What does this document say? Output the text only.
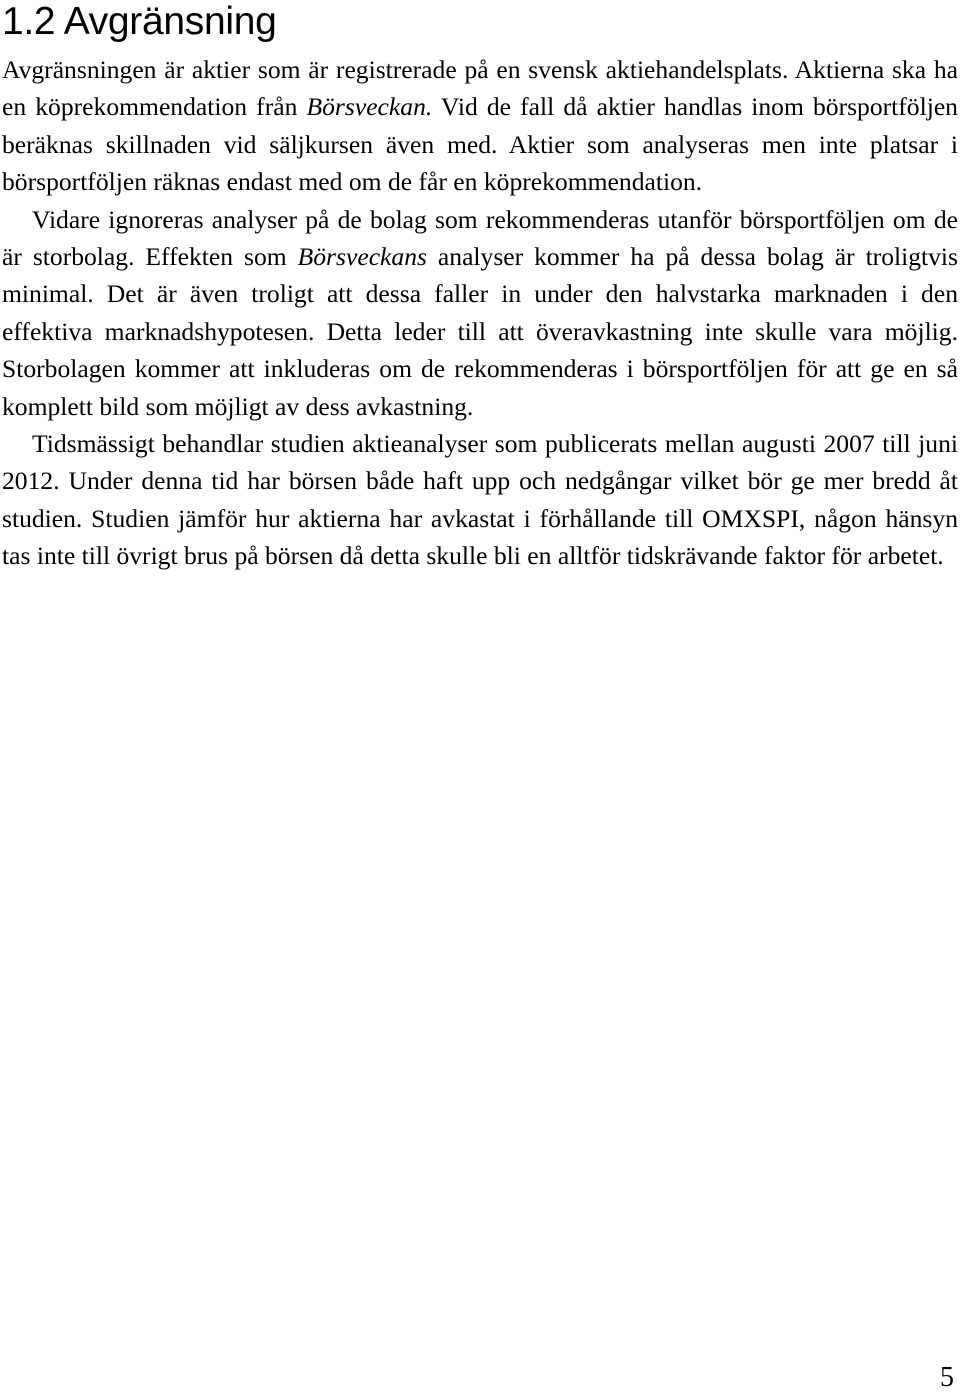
1.2 Avgränsning

Avgränsningen är aktier som är registrerade på en svensk aktiehandelsplats. Aktierna ska ha en köprekommendation från Börsveckan. Vid de fall då aktier handlas inom börsportföljen beräknas skillnaden vid säljkursen även med. Aktier som analyseras men inte platsar i börsportföljen räknas endast med om de får en köprekommendation.

Vidare ignoreras analyser på de bolag som rekommenderas utanför börsportföljen om de är storbolag. Effekten som Börsveckans analyser kommer ha på dessa bolag är troligtvis minimal. Det är även troligt att dessa faller in under den halvstarka marknaden i den effektiva marknadshypotesen. Detta leder till att överavkastning inte skulle vara möjlig. Storbolagen kommer att inkluderas om de rekommenderas i börsportföljen för att ge en så komplett bild som möjligt av dess avkastning.

Tidsmässigt behandlar studien aktieanalyser som publicerats mellan augusti 2007 till juni 2012. Under denna tid har börsen både haft upp och nedgångar vilket bör ge mer bredd åt studien. Studien jämför hur aktierna har avkastat i förhållande till OMXSPI, någon hänsyn tas inte till övrigt brus på börsen då detta skulle bli en alltför tidskrävande faktor för arbetet.

5
